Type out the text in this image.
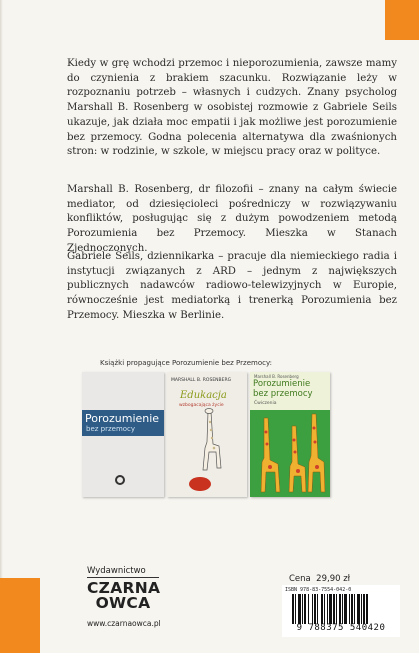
Kiedy w grę wchodzi przemoc i nieporozumienia, zawsze mamy do czynienia z brakiem szacunku. Rozwiązanie leży w rozpoznaniu potrzeb – własnych i cudzych. Znany psycholog Marshall B. Rosenberg w osobistej rozmowie z Gabriele Seils ukazuje, jak działa moc empatii i jak możliwe jest porozumienie bez przemocy. Godna polecenia alternatywa dla zwaśnionych stron: w rodzinie, w szkole, w miejscu pracy oraz w polityce.

Marshall B. Rosenberg, dr filozofii – znany na całym świecie mediator, od dziesięcioleci pośredniczy w rozwiązywaniu konfliktów, posługując się z dużym powodzeniem metodą Porozumienia bez Przemocy. Mieszka w Stanach Zjednoczonych.

Gabriele Seils, dziennikarka – pracuje dla niemieckiego radia i instytucji związanych z ARD – jednym z największych publicznych nadawców radiowo-telewizyjnych w Europie, równocześnie jest mediatorką i trenerką Porozumienia bez Przemocy. Mieszka w Berlinie.

Książki propagujące Porozumienie bez Przemocy:
Porozumienie
bez przemocy
MARSHALL B. ROSENBERG
Edukacja
wzbogacająca życie
Marshall B. Rosenberg
Porozumienie
bez przemocy
Ćwiczenia
Wydawnictwo
CZARNA
OWCA
www.czarnaowca.pl
Cena 29,90 zł
ISBN 978-83-7554-042-0
9 788375 540420
